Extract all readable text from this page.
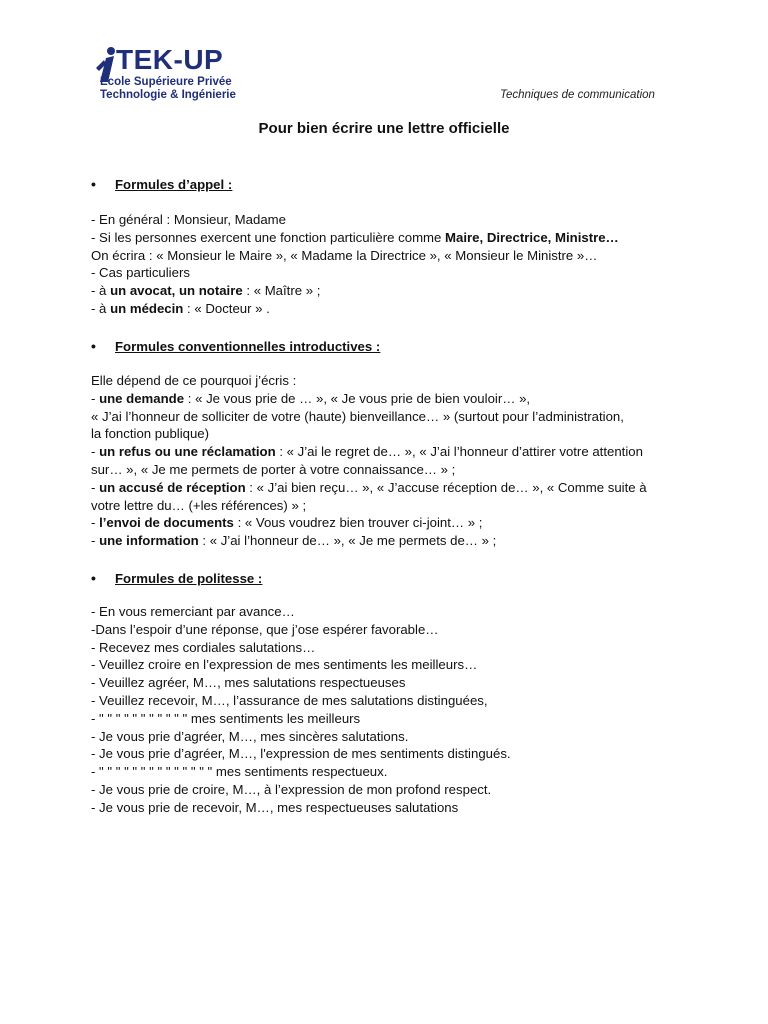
TEK-UP
École Supérieure Privée
Technologie & Ingénierie	Techniques de communication
Pour bien écrire une lettre officielle
• Formules d’appel :
- En général : Monsieur, Madame
- Si les personnes exercent une fonction particulière comme Maire, Directrice, Ministre…
On écrira : « Monsieur le Maire », « Madame la Directrice », « Monsieur le Ministre »…
- Cas particuliers
- à un avocat, un notaire : « Maître » ;
- à un médecin : « Docteur » .
• Formules conventionnelles introductives :
Elle dépend de ce pourquoi j’écris :
- une demande : « Je vous prie de … », « Je vous prie de bien vouloir… »,
« J’ai l’honneur de solliciter de votre (haute) bienveillance… » (surtout pour l’administration,
la fonction publique)
- un refus ou une réclamation : « J’ai le regret de… », « J’ai l’honneur d’attirer votre attention
sur… », « Je me permets de porter à votre connaissance… » ;
- un accusé de réception : « J’ai bien reçu… », « J’accuse réception de… », « Comme suite à
votre lettre du… (+les références) » ;
- l’envoi de documents : « Vous voudrez bien trouver ci-joint… » ;
- une information : « J’ai l’honneur de… », « Je me permets de… » ;
• Formules de politesse :
- En vous remerciant par avance…
-Dans l’espoir d’une réponse, que j’ose espérer favorable…
- Recevez mes cordiales salutations…
- Veuillez croire en l’expression de mes sentiments les meilleurs…
- Veuillez agréer, M…, mes salutations respectueuses
- Veuillez recevoir, M…, l’assurance de mes salutations distinguées,
- " " " " " " " " " " " mes sentiments les meilleurs
- Je vous prie d’agréer, M…, mes sincères salutations.
- Je vous prie d’agréer, M…, l'expression de mes sentiments distingués.
- " " " " " " " " " " " " " " mes sentiments respectueux.
- Je vous prie de croire, M…, à l’expression de mon profond respect.
- Je vous prie de recevoir, M…, mes respectueuses salutations
